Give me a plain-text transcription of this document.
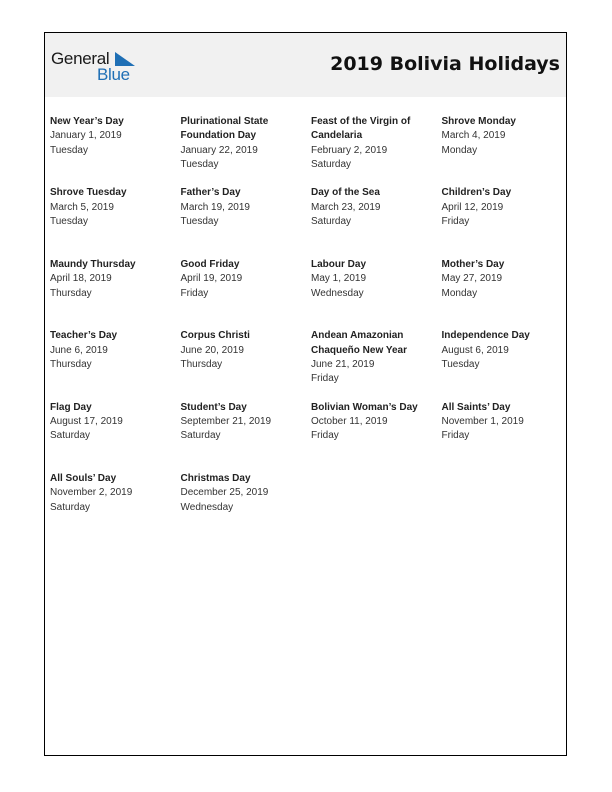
General
Blue	2019 Bolivia Holidays
New Year’s Day
January 1, 2019
Tuesday
Plurinational State Foundation Day
January 22, 2019
Tuesday
Feast of the Virgin of Candelaria
February 2, 2019
Saturday
Shrove Monday
March 4, 2019
Monday
Shrove Tuesday
March 5, 2019
Tuesday
Father’s Day
March 19, 2019
Tuesday
Day of the Sea
March 23, 2019
Saturday
Children’s Day
April 12, 2019
Friday
Maundy Thursday
April 18, 2019
Thursday
Good Friday
April 19, 2019
Friday
Labour Day
May 1, 2019
Wednesday
Mother’s Day
May 27, 2019
Monday
Teacher’s Day
June 6, 2019
Thursday
Corpus Christi
June 20, 2019
Thursday
Andean Amazonian Chaqueño New Year
June 21, 2019
Friday
Independence Day
August 6, 2019
Tuesday
Flag Day
August 17, 2019
Saturday
Student’s Day
September 21, 2019
Saturday
Bolivian Woman’s Day
October 11, 2019
Friday
All Saints’ Day
November 1, 2019
Friday
All Souls’ Day
November 2, 2019
Saturday
Christmas Day
December 25, 2019
Wednesday
